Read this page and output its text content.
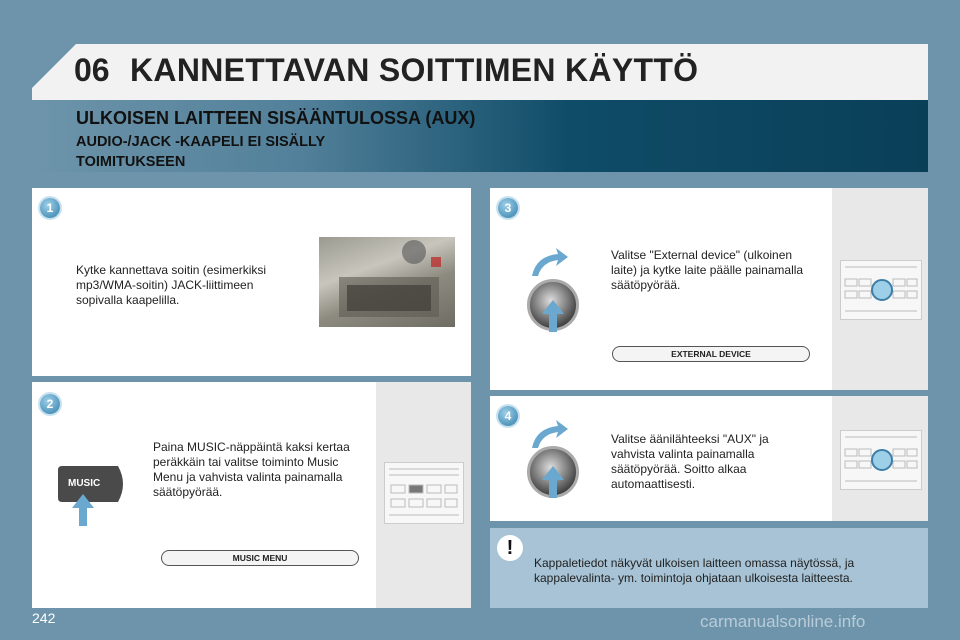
06 KANNETTAVAN SOITTIMEN KÄYTTÖ
ULKOISEN LAITTEEN SISÄÄNTULOSSA (AUX)
AUDIO-/JACK -KAAPELI EI SISÄLLY TOIMITUKSEEN
1
Kytke kannettava soitin (esimerkiksi mp3/WMA-soitin) JACK-liittimeen sopivalla kaapelilla.
2
Paina MUSIC-näppäintä kaksi kertaa peräkkäin tai valitse toiminto Music Menu ja vahvista valinta painamalla säätöpyörää.
MUSIC
MUSIC MENU
3
Valitse "External device" (ulkoinen laite) ja kytke laite päälle painamalla säätöpyörää.
EXTERNAL DEVICE
4
Valitse äänilähteeksi "AUX" ja vahvista valinta painamalla säätöpyörää. Soitto alkaa automaattisesti.
!
Kappaletiedot näkyvät ulkoisen laitteen omassa näytössä, ja kappalevalinta- ym. toimintoja ohjataan ulkoisesta laitteesta.
242	carmanualsonline.info
